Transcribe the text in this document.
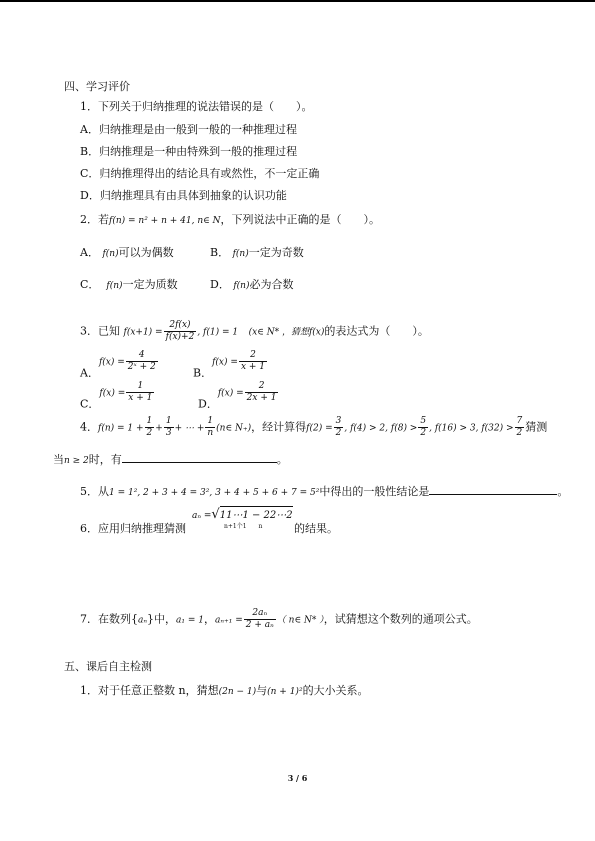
四、学习评价
1．下列关于归纳推理的说法错误的是（　　）。
A．归纳推理是由一般到一般的一种推理过程
B．归纳推理是一种由特殊到一般的推理过程
C．归纳推理得出的结论具有或然性，不一定正确
D．归纳推理具有由具体到抽象的认识功能
2．若f(n) = n² + n + 41, n∈ N，下列说法中正确的是（　　）。
A． f(n)可以为偶数	B． f(n)一定为奇数
C． f(n)一定为质数	D． f(n)必为合数
3．已知 $f(x+1) = \frac{2f(x)}{f(x)+2}$ , f(1) = 1 (x∈ N* ，猜想f(x)的表达式为（　　）。
A．$f(x) = \frac{4}{\text{2ˣ + 2}}$	B．$f(x) = \frac{2}{x + 1}$
C．$f(x) = \frac{1}{x + 1}$	D．$f(x) = \frac{2}{2x + 1}$
4．$f(n) = 1 + \frac{1}{2} + \frac{1}{3}$ + ⋯ + $\frac{1}{n}$ (n∈ N₊)，经计算得$f(2) = \frac{3}{2}$ , f(4) > 2, $f(8) > \frac{5}{2}$ , f(16) > 3, $f(32) > \frac{7}{2}$ 猜测
当n ≥ 2时，有	。
5．从1 = 1², 2 + 3 + 4 = 3², 3 + 4 + 5 + 6 + 7 = 5²中得出的一般性结论是	。
aₙ =√
11⋯1 − 22⋯2
n+1个1　　n
6．应用归纳推理猜测	的结果。
7．在数列{aₙ}中，a₁ = 1，$a_{n+1} = \frac{\text{2aₙ}}{\text{2 + aₙ}}$ （ n∈ N* ），试猜想这个数列的通项公式。
五、课后自主检测
1．对于任意正整数 n，猜想(2n − 1)与(n + 1)²的大小关系。
3 / 6
